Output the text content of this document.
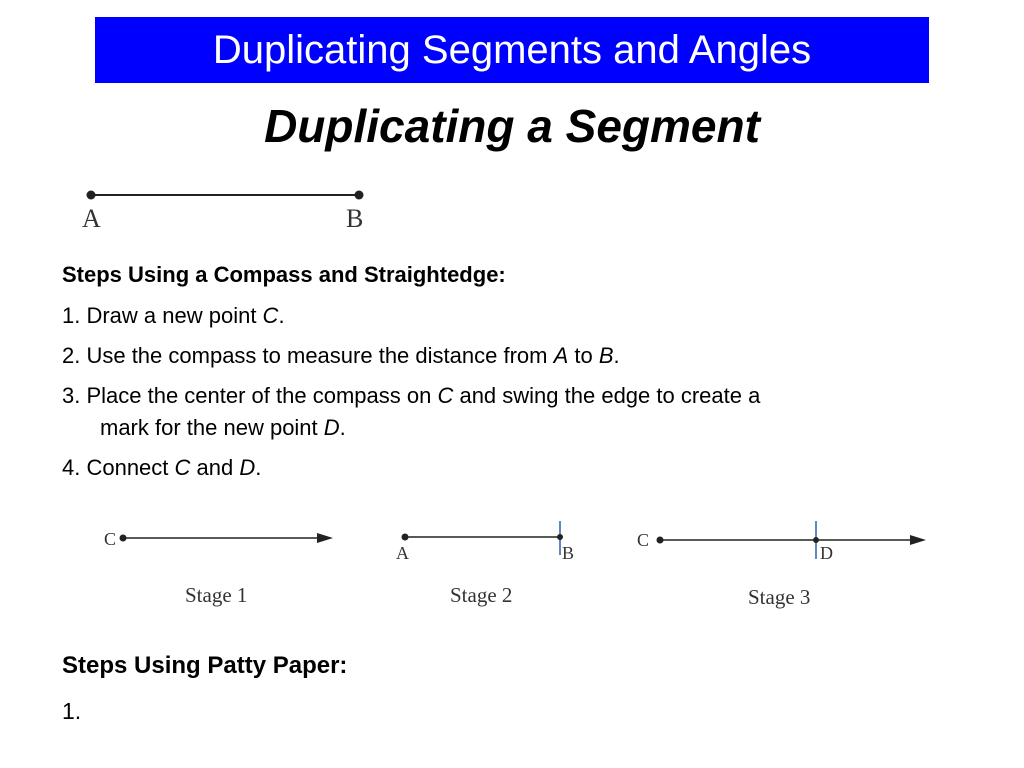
Duplicating Segments and Angles
Duplicating a Segment
A	B
Steps Using a Compass and Straightedge:
1. Draw a new point C.
2. Use the compass to measure the distance from A to B.
3. Place the center of the compass on C and swing the edge to create a
mark for the new point D.
4. Connect C and D.
C
Stage 1
A	B
Stage 2
C
D
Stage 3
Steps Using Patty Paper:
1.
